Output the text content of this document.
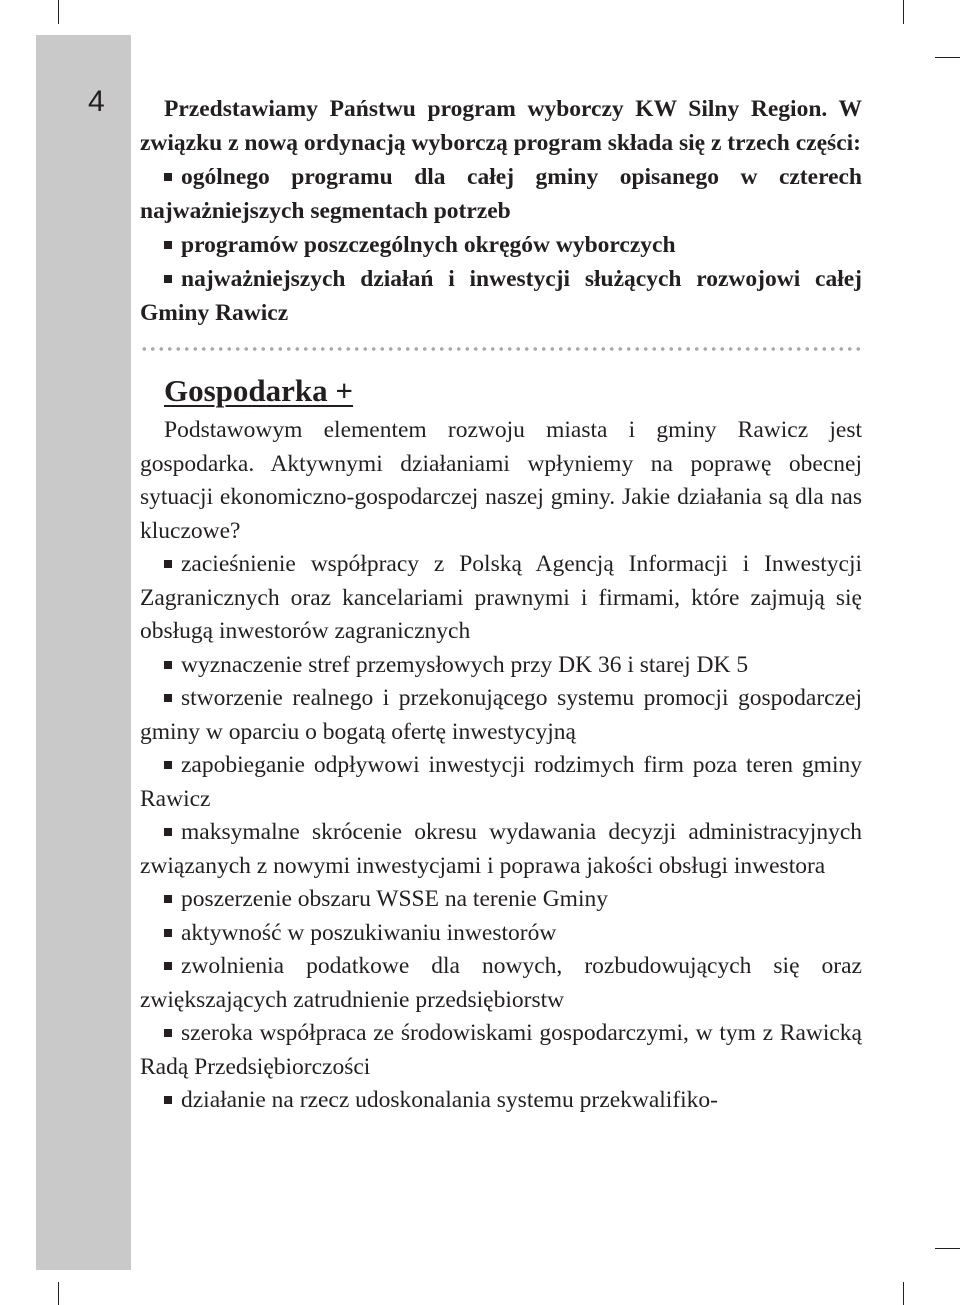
4	Przedstawiamy Państwu program wyborczy KW Silny Region. W związku z nową ordynacją wyborczą program składa się z trzech części:

ogólnego programu dla całej gminy opisanego w czterech najważniejszych segmentach potrzeb

programów poszczególnych okręgów wyborczych

najważniejszych działań i inwestycji służących rozwojowi całej Gminy Rawicz

Gospodarka +

Podstawowym elementem rozwoju miasta i gminy Rawicz jest gospodarka. Aktywnymi działaniami wpłyniemy na poprawę obecnej sytuacji ekonomiczno-gospodarczej naszej gminy. Jakie działania są dla nas kluczowe?

zacieśnienie współpracy z Polską Agencją Informacji i Inwestycji Zagranicznych oraz kancelariami prawnymi i firmami, które zajmują się obsługą inwestorów zagranicznych

wyznaczenie stref przemysłowych przy DK 36 i starej DK 5

stworzenie realnego i przekonującego systemu promocji gospodarczej gminy w oparciu o bogatą ofertę inwestycyjną

zapobieganie odpływowi inwestycji rodzimych firm poza teren gminy Rawicz

maksymalne skrócenie okresu wydawania decyzji administracyjnych związanych z nowymi inwestycjami i poprawa jakości obsługi inwestora

poszerzenie obszaru WSSE na terenie Gminy

aktywność w poszukiwaniu inwestorów

zwolnienia podatkowe dla nowych, rozbudowujących się oraz zwiększających zatrudnienie przedsiębiorstw

szeroka współpraca ze środowiskami gospodarczymi, w tym z Rawicką Radą Przedsiębiorczości

działanie na rzecz udoskonalania systemu przekwalifiko-
